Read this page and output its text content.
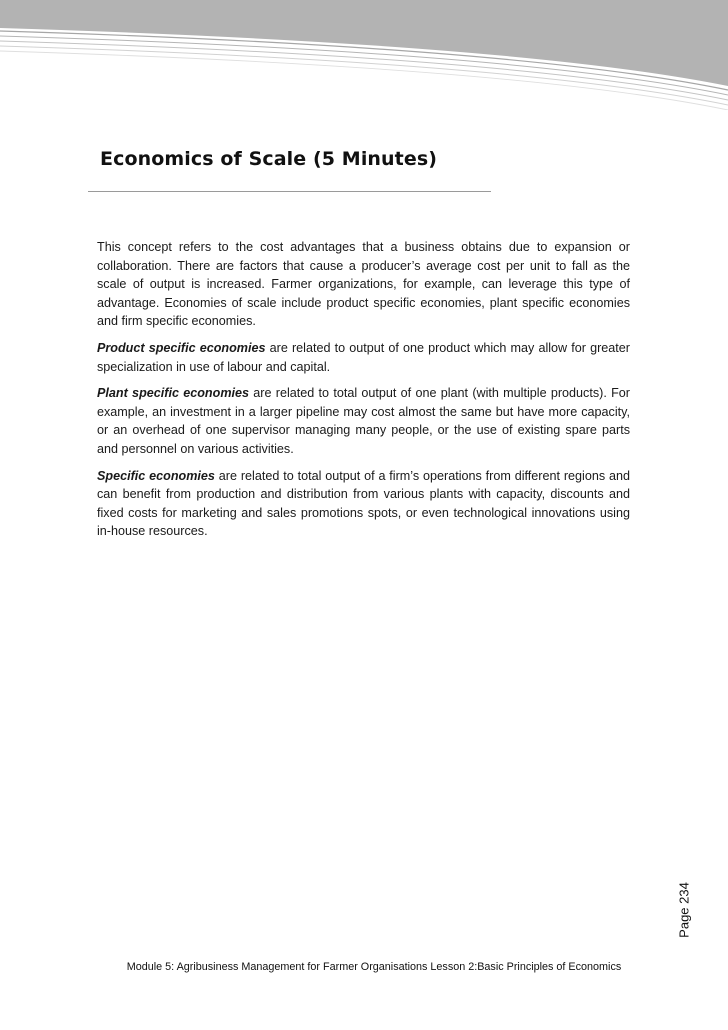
Economics of Scale (5 Minutes)

This concept refers to the cost advantages that a business obtains due to expansion or collaboration. There are factors that cause a producer’s average cost per unit to fall as the scale of output is increased. Farmer organizations, for example, can leverage this type of advantage. Economies of scale include product specific economies, plant specific economies and firm specific economies.

Product specific economies are related to output of one product which may allow for greater specialization in use of labour and capital.

Plant specific economies are related to total output of one plant (with multiple products). For example, an investment in a larger pipeline may cost almost the same but have more capacity, or an overhead of one supervisor managing many people, or the use of existing spare parts and personnel on various activities.

Specific economies are related to total output of a firm’s operations from different regions and can benefit from production and distribution from various plants with capacity, discounts and fixed costs for marketing and sales promotions spots, or even technological innovations using in-house resources.

Page 234
Module 5: Agribusiness Management for Farmer Organisations Lesson 2:Basic Principles of Economics
